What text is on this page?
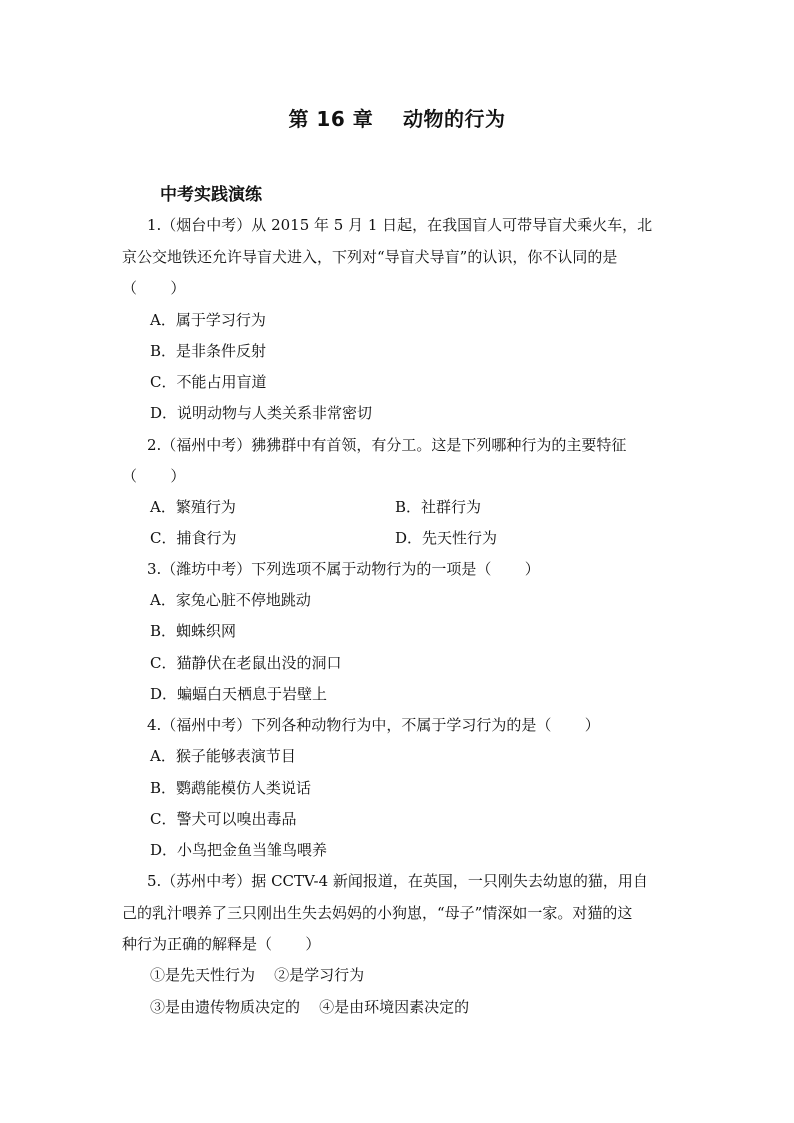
第 16 章    动物的行为
中考实践演练
1.（烟台中考）从 2015 年 5 月 1 日起，在我国盲人可带导盲犬乘火车，北
京公交地铁还允许导盲犬进入，下列对“导盲犬导盲”的认识，你不认同的是
（       ）
A．属于学习行为
B．是非条件反射
C．不能占用盲道
D．说明动物与人类关系非常密切
2.（福州中考）狒狒群中有首领，有分工。这是下列哪种行为的主要特征
（       ）
A．繁殖行为	B．社群行为
C．捕食行为	D．先天性行为
3.（潍坊中考）下列选项不属于动物行为的一项是（       ）
A．家兔心脏不停地跳动
B．蜘蛛织网
C．猫静伏在老鼠出没的洞口
D．蝙蝠白天栖息于岩壁上
4.（福州中考）下列各种动物行为中，不属于学习行为的是（       ）
A．猴子能够表演节目
B．鹦鹉能模仿人类说话
C．警犬可以嗅出毒品
D．小鸟把金鱼当雏鸟喂养
5.（苏州中考）据 CCTV-4 新闻报道，在英国，一只刚失去幼崽的猫，用自
己的乳汁喂养了三只刚出生失去妈妈的小狗崽，“母子”情深如一家。对猫的这
种行为正确的解释是（       ）
①是先天性行为    ②是学习行为
③是由遗传物质决定的    ④是由环境因素决定的
